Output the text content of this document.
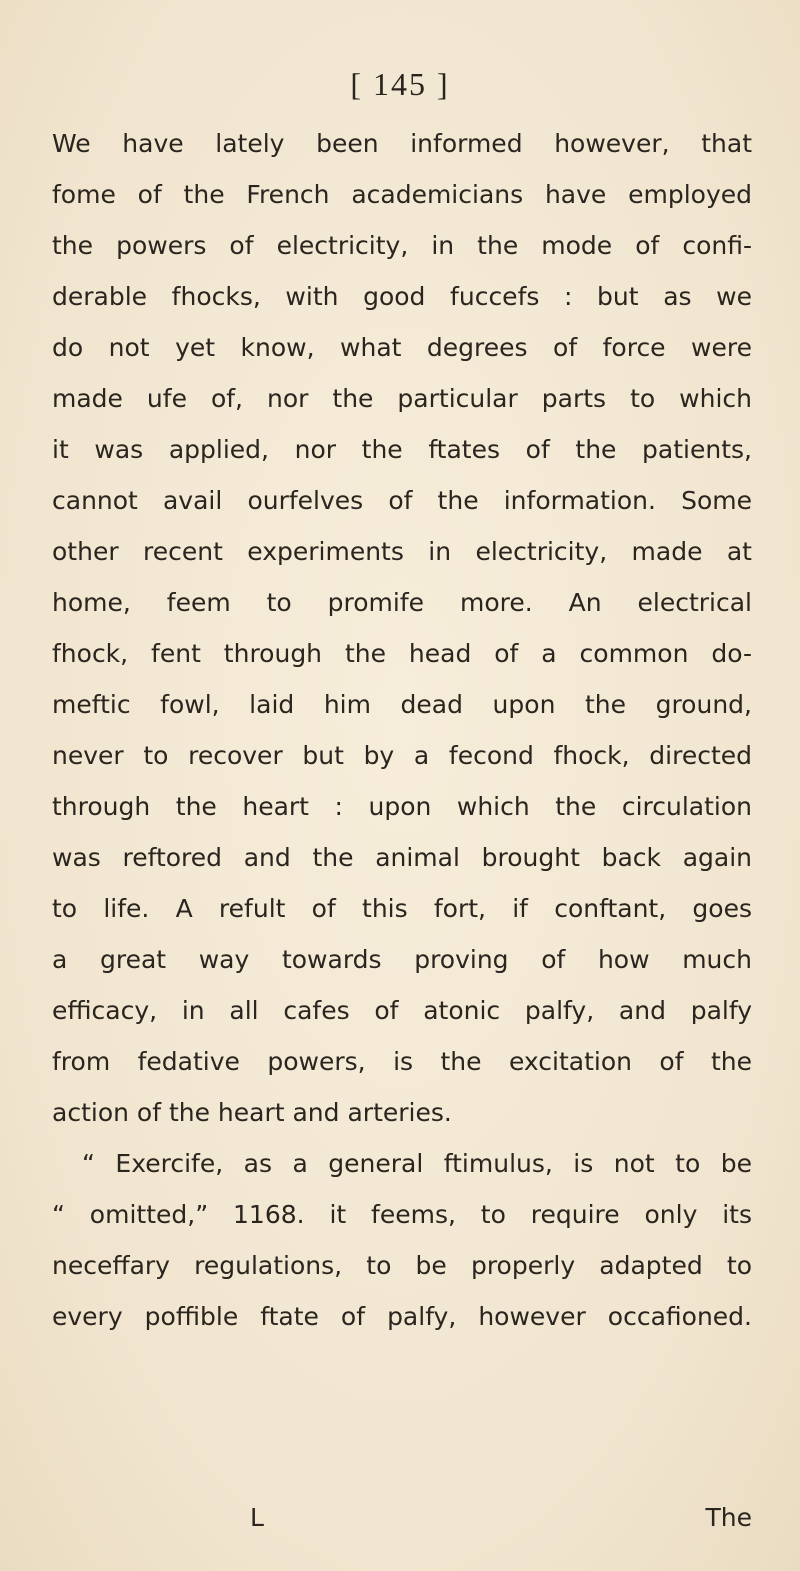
[ 145 ]
We have lately been informed however, that
fome of the French academicians have employed
the powers of electricity, in the mode of confi-
derable fhocks, with good fuccefs : but as we
do not yet know, what degrees of force were
made ufe of, nor the particular parts to which
it was applied, nor the ftates of the patients,
cannot avail ourfelves of the information. Some
other recent experiments in electricity, made at
home, feem to promife more. An electrical
fhock, fent through the head of a common do-
meftic fowl, laid him dead upon the ground,
never to recover but by a fecond fhock, directed
through the heart : upon which the circulation
was reftored and the animal brought back again
to life. A refult of this fort, if conftant, goes
a great way towards proving of how much
efficacy, in all cafes of atonic palfy, and palfy
from fedative powers, is the excitation of the
action of the heart and arteries.
“ Exercife, as a general ftimulus, is not to be
“ omitted,” 1168. it feems, to require only its
neceffary regulations, to be properly adapted to
every poffible ftate of palfy, however occafioned.
L	The
